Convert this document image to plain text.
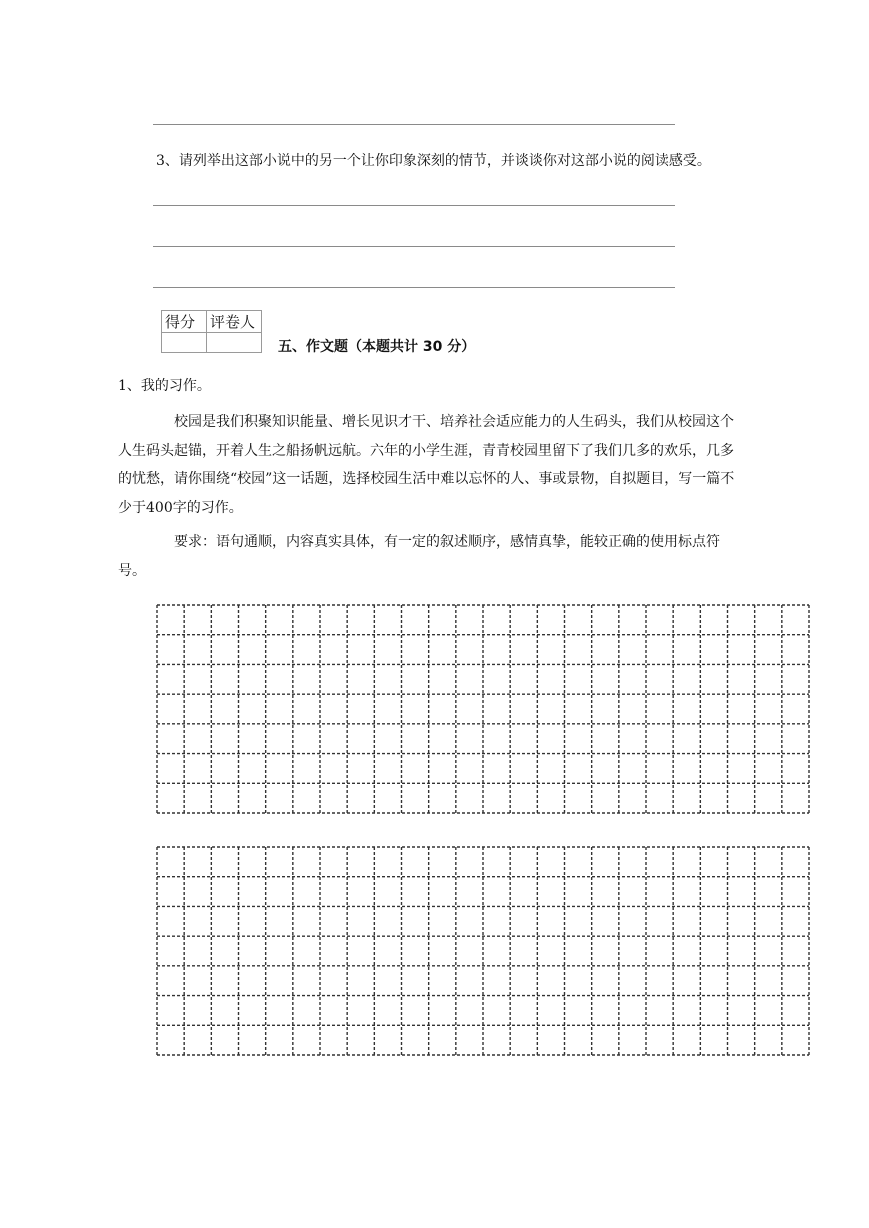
3、请列举出这部小说中的另一个让你印象深刻的情节，并谈谈你对这部小说的阅读感受。
得分	评卷人

五、作文题（本题共计 30 分）
1、我的习作。
校园是我们积聚知识能量、增长见识才干、培养社会适应能力的人生码头，我们从校园这个人生码头起锚，开着人生之船扬帆远航。六年的小学生涯，青青校园里留下了我们几多的欢乐，几多的忧愁，请你围绕“校园”这一话题，选择校园生活中难以忘怀的人、事或景物，自拟题目，写一篇不少于400字的习作。
要求：语句通顺，内容真实具体，有一定的叙述顺序，感情真挚，能较正确的使用标点符号。
